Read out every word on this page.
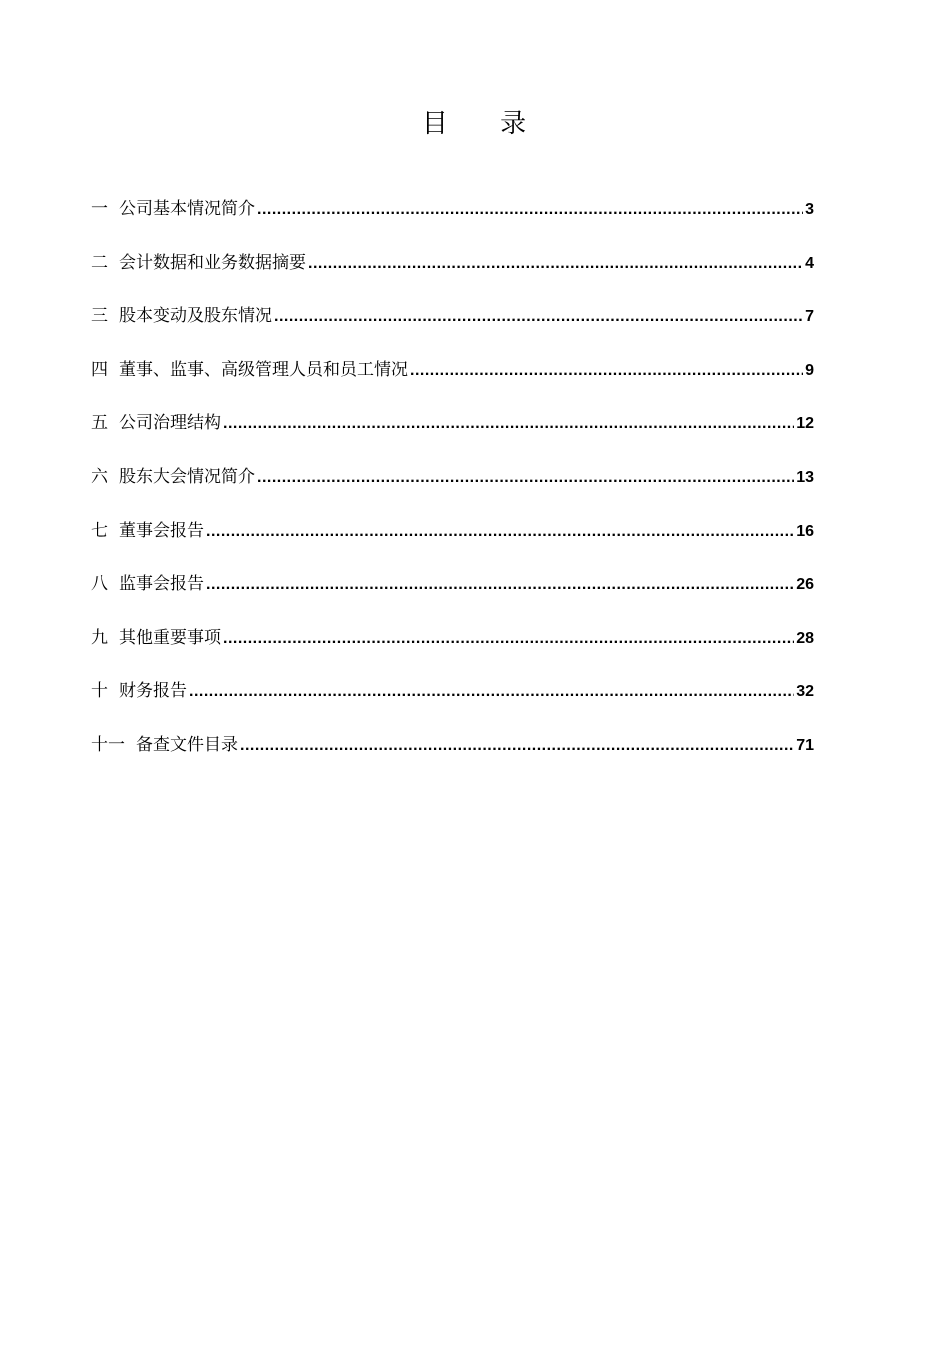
目 录
一 公司基本情况简介 .....	3
二 会计数据和业务数据摘要 .....	4
三 股本变动及股东情况 .....	7
四 董事、监事、高级管理人员和员工情况 .....	9
五 公司治理结构 .....	12
六 股东大会情况简介 .....	13
七 董事会报告 .....	16
八 监事会报告 .....	26
九 其他重要事项 .....	28
十 财务报告 .....	32
十一 备查文件目录 .....	71
